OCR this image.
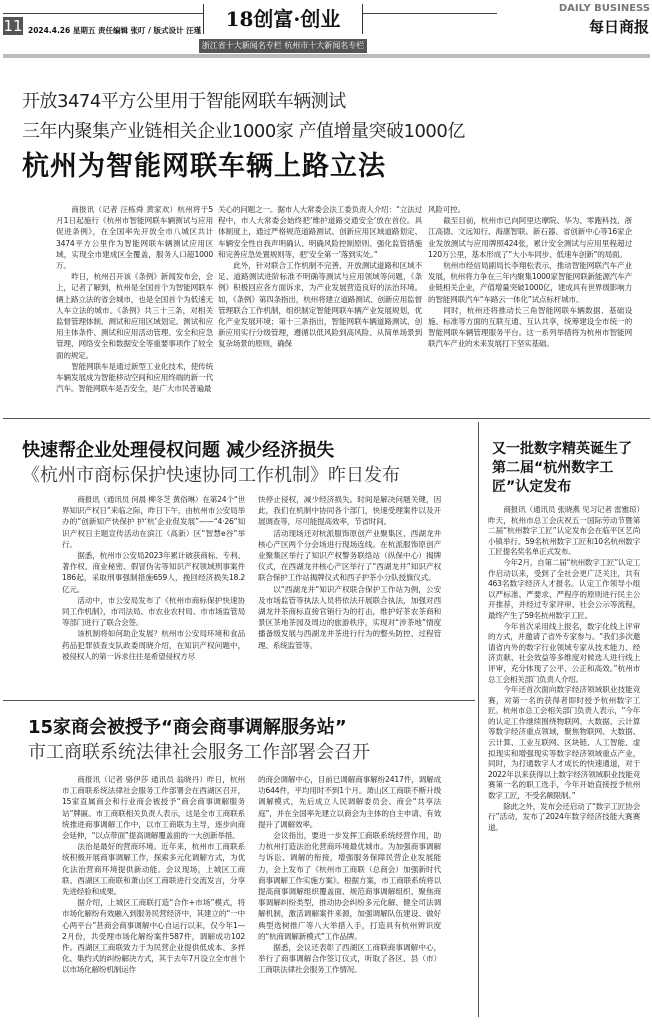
11 2024.4.26 星期五 责任编辑 张叮 / 版式设计 汪瑾	18创富·创业
浙江省十大新闻名专栏 杭州市十大新闻名专栏
DAILY BUSINESS
每日商报
开放3474平方公里用于智能网联车辆测试
三年内聚集产业链相关企业1000家 产值增量突破1000亿
杭州为智能网联车辆上路立法

商报讯（记者 汪栋舜 黄家欢）杭州将于5月1日起施行《杭州市智能网联车辆测试与应用促进条例》，在全国率先开放全市八城区共计3474平方公里作为智能网联车辆测试应用区域，实现全市建成区全覆盖，服务人口超1000万。

昨日，杭州召开该《条例》新闻发布会，会上，记者了解到，杭州是全国首个为智能网联车辆上路立法的省会城市，也是全国首个为低速无人车立法的城市。《条例》共三十三条，对相关监督管理体制、测试和应用区域划定、测试和应用主体条件、测试和应用活动管理、安全和应急管理、网络安全和数据安全等重要事项作了较全面的规定。

智能网联车是通过新型工业化技术，使传统车辆发展成为智能移动空间和应用终端的新一代汽车。智能网联车是否安全，是广大市民普遍最

关心的问题之一。据市人大常委会法工委负责人介绍：“立法过程中，市人大常委会始终把‘维护道路交通安全’放在首位。具体制度上，通过严格规范道路测试、创新应用区域道路划定、车辆安全性自我声明确认、明确风险控制原则、强化监管措施和完善应急处置规则等，把‘安全第一’落到实处。”

此外，针对联合工作机制不完善、开放测试道路和区域不足、道路测试进阶标准不明确等测试与应用领域等问题，《条例》积极回应各方面诉求，为产业发展营造良好的法治环境。如，《条例》第四条指出，杭州将建立道路测试、创新应用监督管理联合工作机制，组织制定智能网联车辆产业发展规划，优化产业发展环境；第十三条指出，智能网联车辆道路测试、创新应用实行分级管理，遵循以低风险到高风险、从简单场景到复杂场景的原则，确保

风险可控。

截至目前，杭州市已向阿里达摩院、华为、零跑科技、浙江高德、文远知行、海康智联、新石器、省创新中心等16家企业发放测试与应用牌照424张，累计安全测试与应用里程超过120万公里，基本形成了“大小车同步、低速车创新”的局面。

杭州市经信局副局长李翔松表示，推动智能网联汽车产业发展，杭州将力争在三年内聚集1000家智能网联新能源汽车产业链相关企业，产值增量突破1000亿，建成具有世界级影响力的智能网联汽车“车路云一体化”试点标杆城市。

同时，杭州还将推动长三角智能网联车辆数据、基础设施、标准等方面的互联互通、互认共享，统筹建设全市统一的智能网联车辆管理服务平台。这一系列举措将为杭州市智能网联汽车产业的未来发展打下坚实基础。

快速帮企业处理侵权问题 减少经济损失
《杭州市商标保护快速协同工作机制》昨日发布

商报讯（通讯员 何晨 柳冬芝 黄俗琳）在第24个“世界知识产权日”来临之际，昨日下午，由杭州市公安局举办的“创新知产快保护 护‘杭’企业促发展”——“4·26”知识产权日主题宣传活动在滨江（高新）区“智慧e谷”举行。

据悉，杭州市公安局2023年累计破获商标、专利、著作权、商业秘密、假冒伪劣等知识产权领域刑事案件186起，采取刑事强制措施659人，挽回经济损失18.2亿元。

活动中，市公安局发布了《杭州市商标保护快速协同工作机制》，市司法局、市农业农村局、市市场监管局等部门进行了联合会签。

该机制将如何助企发展？杭州市公安局环境和食品药品犯罪侦查支队政委周晓介绍，在知识产权问题中，被侵权人的第一诉求往往是希望侵权方尽

快停止侵权，减少经济损失。时间是解决问题关键，因此，我们在机制中协同各个部门，快速受理案件以及开展调查等，尽可能提高效率，节省时间。

活动现场还对杭派服饰原创产业聚集区、西湖龙井核心产区两个分会场进行现场连线。在杭派服饰原创产业聚集区举行了知识产权警务联络站（纵保中心）揭牌仪式，在西湖龙井核心产区举行了“西湖龙井”知识产权联合保护工作站揭牌仪式和西子护茶小分队授旗仪式。

以“西湖龙井”知识产权联合保护工作站为例，公安及市场监管等执法人员将依法开展联合执法，加强对西湖龙井茶商标直接官销行为的打击，维护好茶农茶商和景区茶地茶园及周边的旅游秩序，实现对“涉茶地”情度播备级发展与西湖龙井茶进行行为的整头防控、过程管理、系统监管等。

15家商会被授予“商会商事调解服务站”
市工商联系统法律社会服务工作部署会召开

商报讯（记者 骆伊莎 通讯员 翁晓丹）昨日，杭州市工商联系统法律社会服务工作部署会在西湖区召开，15家直属商会和行业商会被授予“商会商事调解服务站”牌匾。市工商联相关负责人表示，这是全市工商联系统推进商事调解工作中，以市工商联为主导，逐步向商会延伸，“以点带面”提高调解覆盖面的一大创新举措。

法治是最好的营商环境。近年来，杭州市工商联系统积极开展商事调解工作，探索多元化调解方式，为优化法治营商环境提供新动能。会议现场，上城区工商联、西湖区工商联和萧山区工商联进行交流发言，分享先进经验和成果。

据介绍，上城区工商联打造“合作+市场”模式，将市场化解纷有效融入到服务民营经济中，其建立的“一中心两平台”甚商会商事调解中心自运行以来，仅今年1—2月份，共受理市场化解纷案件587件，调解成功102件。西湖区工商联致力于为民营企业提供低成本、多样化、集约式的纠纷解决方式，其于去年7月设立全市首个以市场化解纷机制运作

的商会调解中心，目前已调解商事解纷2417件，调解成功644件，平均用时不到1个月。萧山区工商联不断升级调解模式，先后成立人民调解委员会、商会“共享法庭”，并在全国率先建立以商会为主体的自主申请、有效提升了调解效率。

会议指出，要进一步发挥工商联系统经营作用，助力杭州打造法治化营商环境最优城市。为加强商事调解与诉讼、调解的衔接，增强服务保障民营企业发展能力，会上发布了《杭州市工商联（总商会）加强新时代商事调解工作实施方案》。根据方案，市工商联系统将以提高商事调解组织覆盖面、规范商事调解组织、聚焦商事调解纠纷类型，推动协会纠纷多元化解、健全司法调解机制，激活调解案件来源，加强调解队伍建设、做好典型选树推广等八大举措入手，打造具有杭州辨识度的“杭商调解新模式”工作品牌。

据悉，会议还表彰了西湖区工商联商事调解中心，举行了商事调解合作签订仪式，听取了各区、县（市）工商联法律社会服务工作情况。

又一批数字精英诞生了 第二届“杭州数字工匠”认定发布

商报讯（通讯员 张晓燕 见习记者 雷雅琼）昨天，杭州市总工会庆祝五一国际劳动节暨第二届“杭州数字工匠”认定发布会在临平区艺尚小镇举行。59名杭州数字工匠和10名杭州数字工匠提名奖名单正式发布。

今年2月，自第二届“杭州数字工匠”认定工作启动以来，受到了全社会更广泛关注，共有463名数字经济人才报名。认定工作领导小组以严标准、严要求、严程序的原则进行民主公开推荐，并经过专家评审、社会公示等流程，最终产生了59名杭州数字工匠。

今年首次采用线上报名，数字化线上评审的方式，并邀请了省外专家参与。“我们多次邀请省内外的数字行业领域专家从技术能力、经济贡献、社会效益等多维度对候选人进行线上评审，充分体现了公平、公正和高效。”杭州市总工会相关部门负责人介绍。

今年还首次面向数字经济领域职业技能竞赛，对第一名的获得者即时授予杭州数字工匠。杭州市总工会相关部门负责人表示，“今年的认定工作继续围绕物联网、大数据、云计算等数字经济重点领域，聚焦物联网、大数据、云计算、工业互联网、区块链、人工智能、虚拟现实和增强现实等数字经济领域重点产业，同时，为打通数字人才成长的快速通道，对于2022年以来获得以上数字经济领域职业技能竞赛第一名的职工选手，今年开始直接授予杭州数字工匠，不受名额限制。”

除此之外，发布会还启动了“数字工匠协会行”活动，发布了2024年数字经济技能大赛赛道。
